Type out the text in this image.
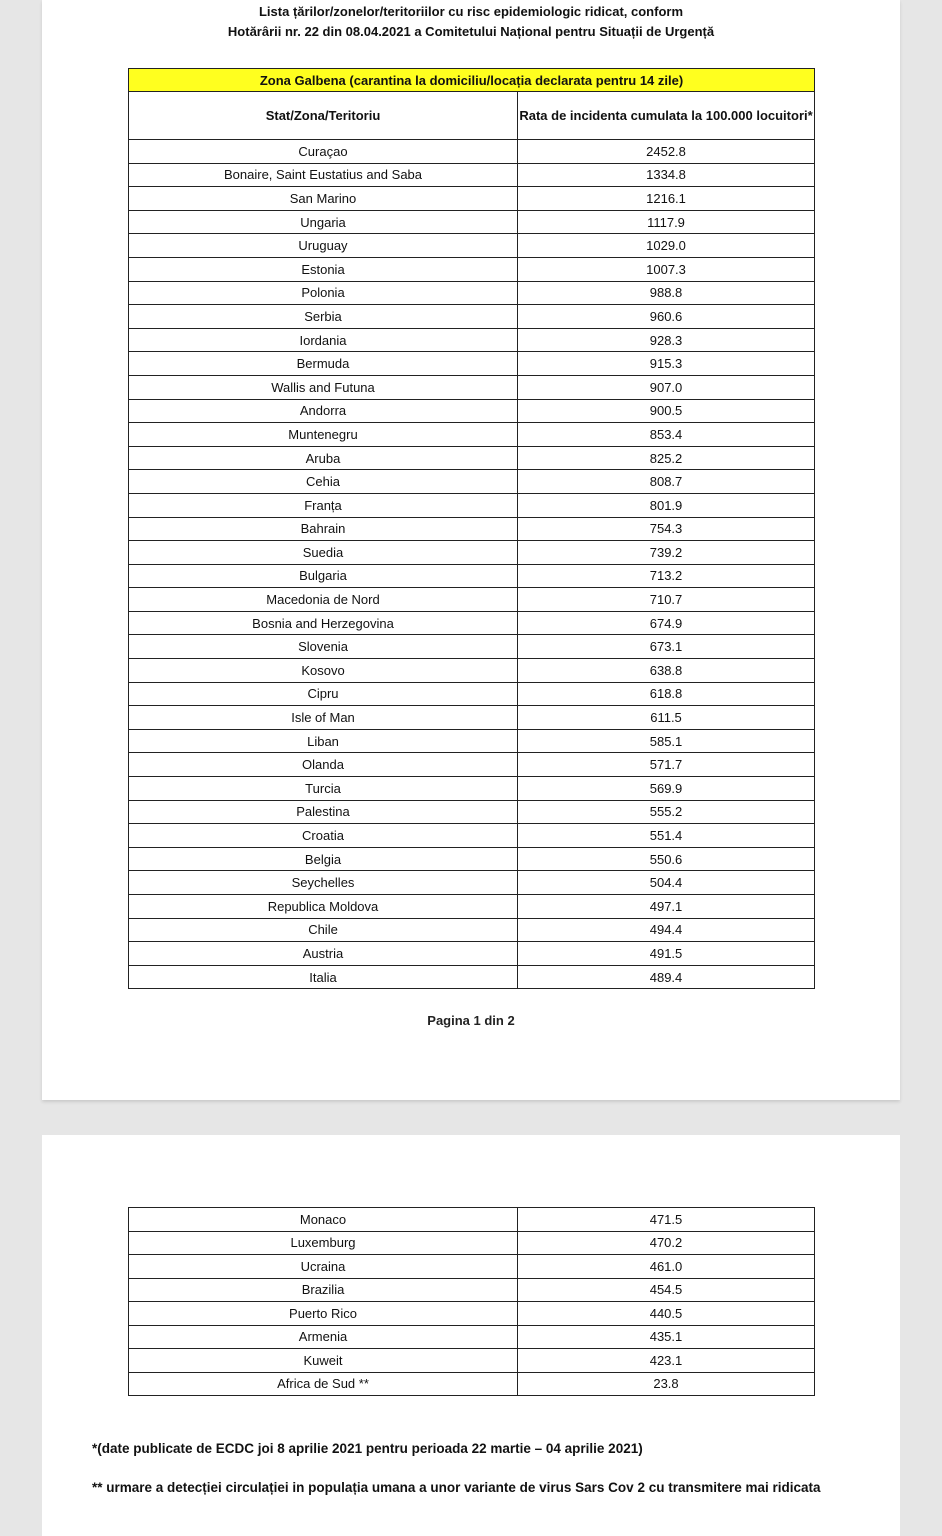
Lista țărilor/zonelor/teritoriilor cu risc epidemiologic ridicat, conform
Hotărârii nr. 22 din 08.04.2021 a Comitetului Național pentru Situații de Urgență
Zona Galbena (carantina la domiciliu/locația declarata pentru 14 zile)	
Stat/Zona/Teritoriu	Rata de incidenta cumulata la 100.000 locuitori*
Curaçao	2452.8
Bonaire, Saint Eustatius and Saba	1334.8
San Marino	1216.1
Ungaria	1117.9
Uruguay	1029.0
Estonia	1007.3
Polonia	988.8
Serbia	960.6
Iordania	928.3
Bermuda	915.3
Wallis and Futuna	907.0
Andorra	900.5
Muntenegru	853.4
Aruba	825.2
Cehia	808.7
Franța	801.9
Bahrain	754.3
Suedia	739.2
Bulgaria	713.2
Macedonia de Nord	710.7
Bosnia and Herzegovina	674.9
Slovenia	673.1
Kosovo	638.8
Cipru	618.8
Isle of Man	611.5
Liban	585.1
Olanda	571.7
Turcia	569.9
Palestina	555.2
Croatia	551.4
Belgia	550.6
Seychelles	504.4
Republica Moldova	497.1
Chile	494.4
Austria	491.5
Italia	489.4
Pagina 1 din 2
Monaco	471.5
Luxemburg	470.2
Ucraina	461.0
Brazilia	454.5
Puerto Rico	440.5
Armenia	435.1
Kuweit	423.1
Africa de Sud **	23.8
*(date publicate de ECDC joi 8 aprilie 2021 pentru perioada 22 martie – 04 aprilie 2021)
** urmare a detecției circulației in populația umana a unor variante de virus Sars Cov 2 cu transmitere mai ridicata
